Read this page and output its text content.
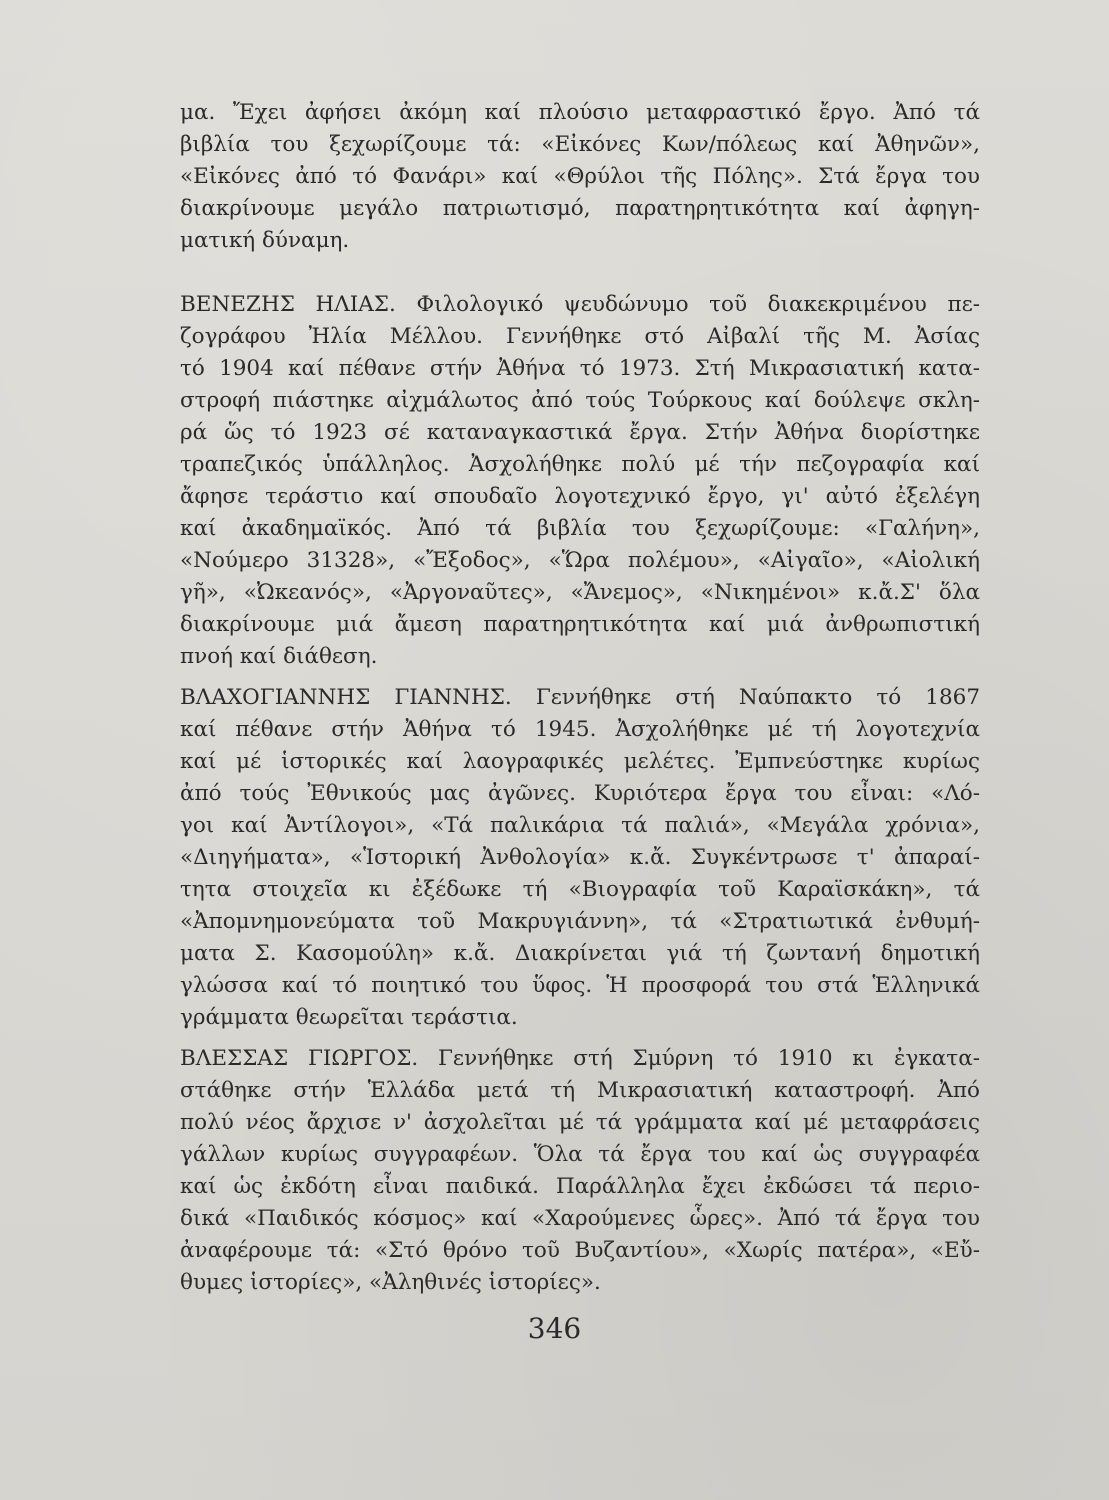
μα. Ἔχει ἀφήσει ἀκόμη καί πλούσιο μεταφραστικό ἔργο. Ἀπό τά
βιβλία του ξεχωρίζουμε τά: «Εἰκόνες Κων/πόλεως καί Ἀθηνῶν»,
«Εἰκόνες ἀπό τό Φανάρι» καί «Θρύλοι τῆς Πόλης». Στά ἔργα του
διακρίνουμε μεγάλο πατριωτισμό, παρατηρητικότητα καί ἀφηγη-
ματική δύναμη.
ΒΕΝΕΖΗΣ ΗΛΙΑΣ. Φιλολογικό ψευδώνυμο τοῦ διακεκριμένου πε-
ζογράφου Ἠλία Μέλλου. Γεννήθηκε στό Αἰβαλί τῆς Μ. Ἀσίας
τό 1904 καί πέθανε στήν Ἀθήνα τό 1973. Στή Μικρασιατική κατα-
στροφή πιάστηκε αἰχμάλωτος ἀπό τούς Τούρκους καί δούλεψε σκλη-
ρά ὥς τό 1923 σέ καταναγκαστικά ἔργα. Στήν Ἀθήνα διορίστηκε
τραπεζικός ὑπάλληλος. Ἀσχολήθηκε πολύ μέ τήν πεζογραφία καί
ἄφησε τεράστιο καί σπουδαῖο λογοτεχνικό ἔργο, γι' αὐτό ἐξελέγη
καί ἀκαδημαϊκός. Ἀπό τά βιβλία του ξεχωρίζουμε: «Γαλήνη»,
«Νούμερο 31328», «Ἔξοδος», «Ὥρα πολέμου», «Αἰγαῖο», «Αἰολική
γῆ», «Ὠκεανός», «Ἀργοναῦτες», «Ἄνεμος», «Νικημένοι» κ.ἄ.Σ' ὅλα
διακρίνουμε μιά ἄμεση παρατηρητικότητα καί μιά ἀνθρωπιστική
πνοή καί διάθεση.
ΒΛΑΧΟΓΙΑΝΝΗΣ ΓΙΑΝΝΗΣ. Γεννήθηκε στή Ναύπακτο τό 1867
καί πέθανε στήν Ἀθήνα τό 1945. Ἀσχολήθηκε μέ τή λογοτεχνία
καί μέ ἱστορικές καί λαογραφικές μελέτες. Ἐμπνεύστηκε κυρίως
ἀπό τούς Ἐθνικούς μας ἀγῶνες. Κυριότερα ἔργα του εἶναι: «Λό-
γοι καί Ἀντίλογοι», «Τά παλικάρια τά παλιά», «Μεγάλα χρόνια»,
«Διηγήματα», «Ἱστορική Ἀνθολογία» κ.ἄ. Συγκέντρωσε τ' ἀπαραί-
τητα στοιχεῖα κι ἐξέδωκε τή «Βιογραφία τοῦ Καραϊσκάκη», τά
«Ἀπομνημονεύματα τοῦ Μακρυγιάννη», τά «Στρατιωτικά ἐνθυμή-
ματα Σ. Κασομούλη» κ.ἄ. Διακρίνεται γιά τή ζωντανή δημοτική
γλώσσα καί τό ποιητικό του ὕφος. Ἡ προσφορά του στά Ἑλληνικά
γράμματα θεωρεῖται τεράστια.
ΒΛΕΣΣΑΣ ΓΙΩΡΓΟΣ. Γεννήθηκε στή Σμύρνη τό 1910 κι ἐγκατα-
στάθηκε στήν Ἑλλάδα μετά τή Μικρασιατική καταστροφή. Ἀπό
πολύ νέος ἄρχισε ν' ἀσχολεῖται μέ τά γράμματα καί μέ μεταφράσεις
γάλλων κυρίως συγγραφέων. Ὅλα τά ἔργα του καί ὡς συγγραφέα
καί ὡς ἐκδότη εἶναι παιδικά. Παράλληλα ἔχει ἐκδώσει τά περιο-
δικά «Παιδικός κόσμος» καί «Χαρούμενες ὧρες». Ἀπό τά ἔργα του
ἀναφέρουμε τά: «Στό θρόνο τοῦ Βυζαντίου», «Χωρίς πατέρα», «Εὔ-
θυμες ἱστορίες», «Ἀληθινές ἱστορίες».
346
